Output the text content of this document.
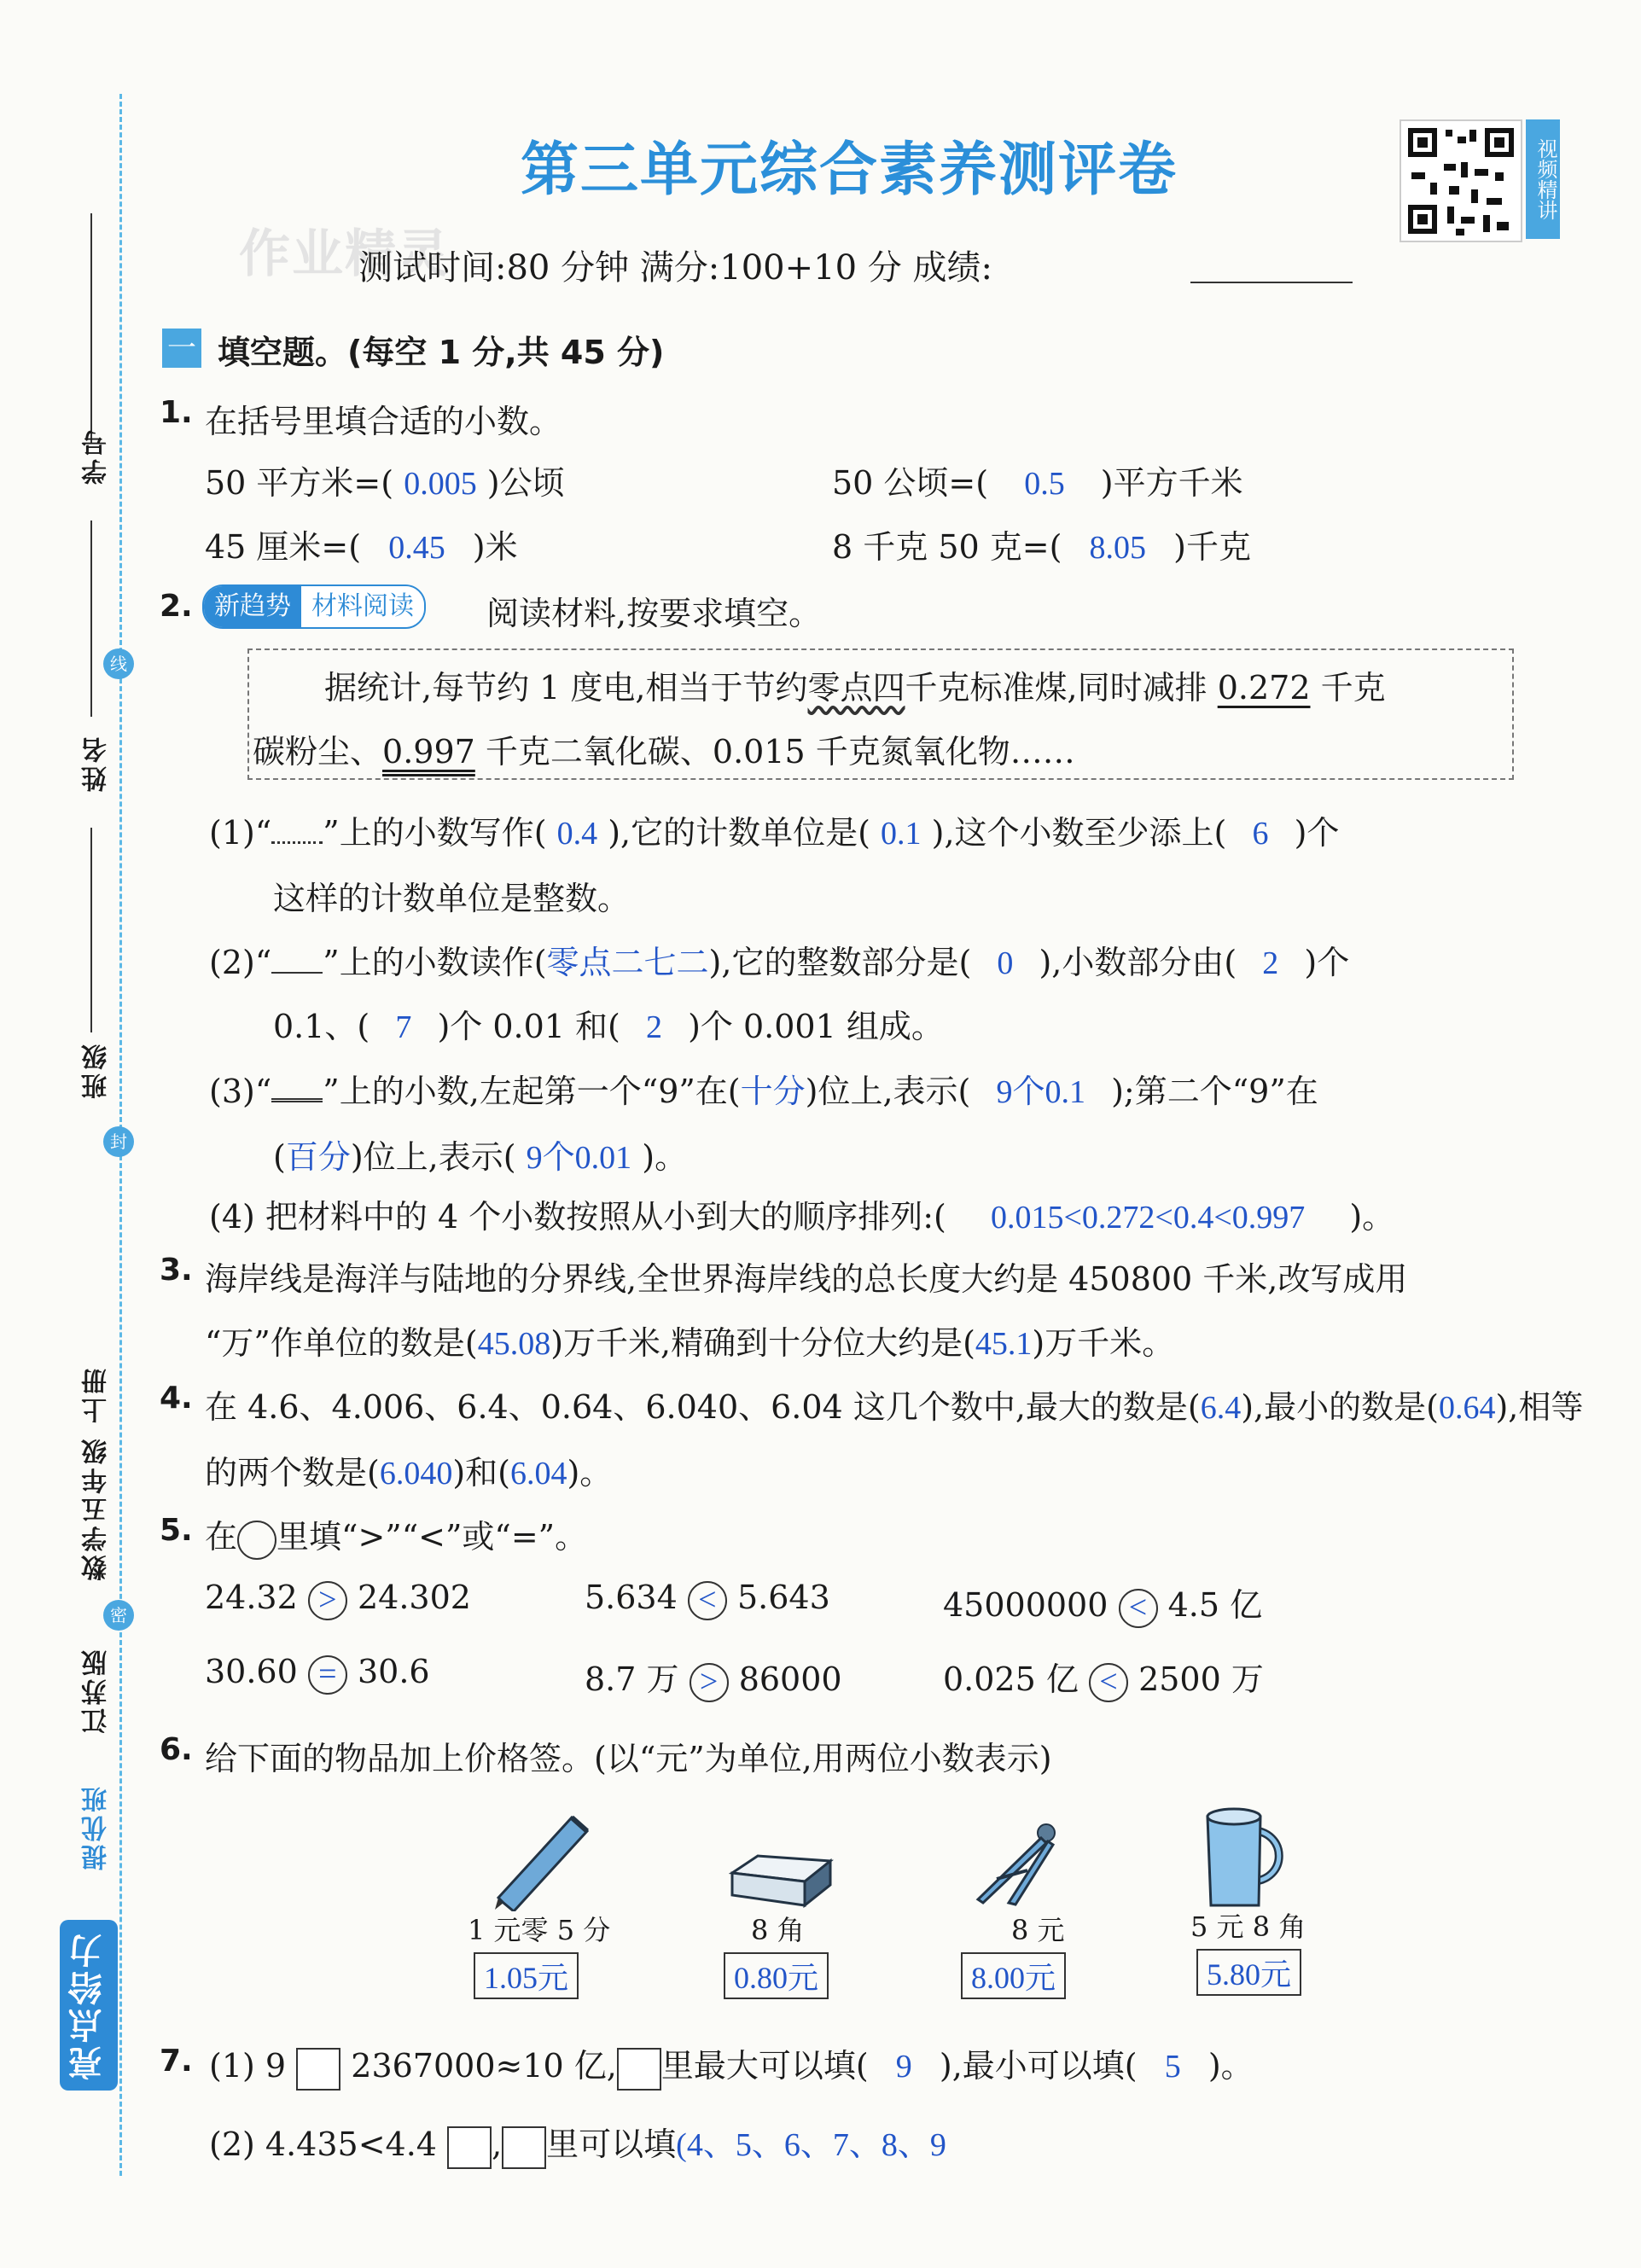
学号
姓名
班级
数学五年级 上册
江苏版
提优班
亮点给力
线
封
密
作业精灵
第三单元综合素养测评卷	视频精讲
测试时间:80 分钟 满分:100+10 分 成绩:
一 填空题。(每空 1 分,共 45 分)
1. 在括号里填合适的小数。
50 平方米=( 0.005 )公顷	50 公顷=( 0.5 )平方千米
45 厘米=( 0.45 )米	8 千克 50 克=( 8.05 )千克
2. 新趋势 材料阅读	阅读材料,按要求填空。
据统计,每节约 1 度电,相当于节约零点四千克标准煤,同时减排 0.272 千克
碳粉尘、0.997 千克二氧化碳、0.015 千克氮氧化物……
(1)“ ”上的小数写作( 0.4 ),它的计数单位是( 0.1 ),这个小数至少添上( 6 )个
这样的计数单位是整数。
(2)“ ”上的小数读作(零点二七二),它的整数部分是( 0 ),小数部分由( 2 )个
0.1、( 7 )个 0.01 和( 2 )个 0.001 组成。
(3)“ ”上的小数,左起第一个“9”在(十分)位上,表示( 9个0.1 );第二个“9”在
(百分)位上,表示( 9个0.01 )。
(4) 把材料中的 4 个小数按照从小到大的顺序排列:( 0.015<0.272<0.4<0.997 )。
3. 海岸线是海洋与陆地的分界线,全世界海岸线的总长度大约是 450800 千米,改写成用
“万”作单位的数是(45.08)万千米,精确到十分位大约是(45.1)万千米。
4. 在 4.6、4.006、6.4、0.64、6.040、6.04 这几个数中,最大的数是(6.4),最小的数是(0.64),相等
的两个数是(6.040)和(6.04)。
5. 在 里填“>”“<”或“=”。
24.32 > 24.302	5.634 < 5.643	45000000 < 4.5 亿
30.60 = 30.6	8.7 万 > 86000	0.025 亿 < 2500 万
6. 给下面的物品加上价格签。(以“元”为单位,用两位小数表示)
1 元零 5 分
1.05元
8 角
0.80元
8 元
8.00元
5 元 8 角
5.80元
7. (1) 9 2367000≈10 亿, 里最大可以填( 9 ),最小可以填( 5 )。
(2) 4.435<4.4 , 里可以填(4、5、6、7、8、9
